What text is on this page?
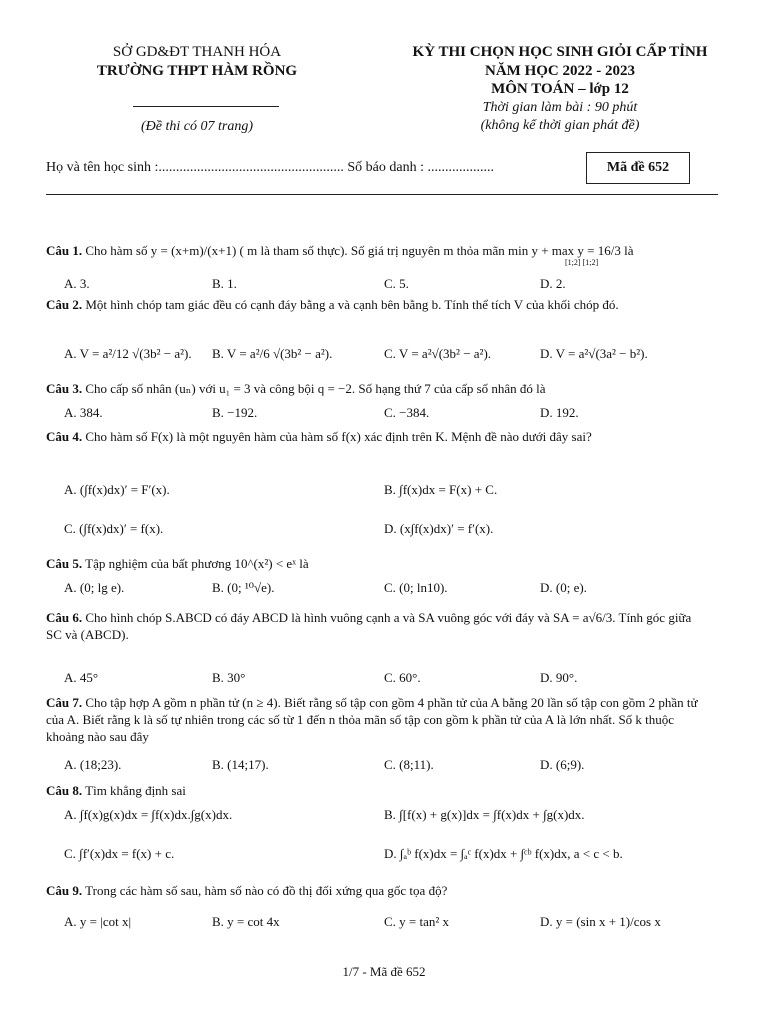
SỞ GD&ĐT THANH HÓA
TRƯỜNG THPT HÀM RỒNG
(Đề thi có 07 trang)
KỲ THI CHỌN HỌC SINH GIỎI CẤP TỈNH
NĂM HỌC 2022 - 2023
MÔN TOÁN – lớp 12
Thời gian làm bài : 90 phút
(không kể thời gian phát đề)
Họ và tên học sinh :..................................................... Số báo danh : ...................	Mã đề 652
Câu 1. Cho hàm số y = (x+m)/(x+1) ( m là tham số thực). Số giá trị nguyên m thỏa mãn min y + max y = 16/3 là
[1;2] [1;2]
A. 3.	B. 1.	C. 5.	D. 2.
Câu 2. Một hình chóp tam giác đều có cạnh đáy bằng a và cạnh bên bằng b. Tính thể tích V của khối chóp đó.
A. V = a²/12 √(3b² − a²). B. V = a²/6 √(3b² − a²).	C. V = a²√(3b² − a²).	D. V = a²√(3a² − b²).
Câu 3. Cho cấp số nhân (uₙ) với u₁ = 3 và công bội q = −2. Số hạng thứ 7 của cấp số nhân đó là
A. 384.	B. −192.	C. −384.	D. 192.
Câu 4. Cho hàm số F(x) là một nguyên hàm của hàm số f(x) xác định trên K. Mệnh đề nào dưới đây sai?
A. (∫f(x)dx)′ = F′(x).	B. ∫f(x)dx = F(x) + C.
C. (∫f(x)dx)′ = f(x).	D. (x∫f(x)dx)′ = f′(x).
Câu 5. Tập nghiệm của bất phương 10^(x²) < eˣ là
A. (0; lg e).	B. (0; ¹⁰√e).	C. (0; ln10).	D. (0; e).
Câu 6. Cho hình chóp S.ABCD có đáy ABCD là hình vuông cạnh a và SA vuông góc với đáy và SA = a√6/3. Tính góc giữa SC và (ABCD).
A. 45°	B. 30°	C. 60°.	D. 90°.
Câu 7. Cho tập hợp A gồm n phần tử (n ≥ 4). Biết rằng số tập con gồm 4 phần tử của A bằng 20 lần số tập con gồm 2 phần tử của A. Biết rằng k là số tự nhiên trong các số từ 1 đến n thỏa mãn số tập con gồm k phần tử của A là lớn nhất. Số k thuộc khoảng nào sau đây
A. (18;23).	B. (14;17).	C. (8;11).	D. (6;9).
Câu 8. Tìm khẳng định sai
A. ∫f(x)g(x)dx = ∫f(x)dx.∫g(x)dx.	B. ∫[f(x) + g(x)]dx = ∫f(x)dx + ∫g(x)dx.
C. ∫f′(x)dx = f(x) + c.	D. ∫ₐᵇ f(x)dx = ∫ₐᶜ f(x)dx + ∫ᶜᵇ f(x)dx, a < c < b.
Câu 9. Trong các hàm số sau, hàm số nào có đồ thị đối xứng qua gốc tọa độ?
A. y = |cot x|	B. y = cot 4x	C. y = tan² x	D. y = (sin x + 1)/cos x
1/7 - Mã đề 652
